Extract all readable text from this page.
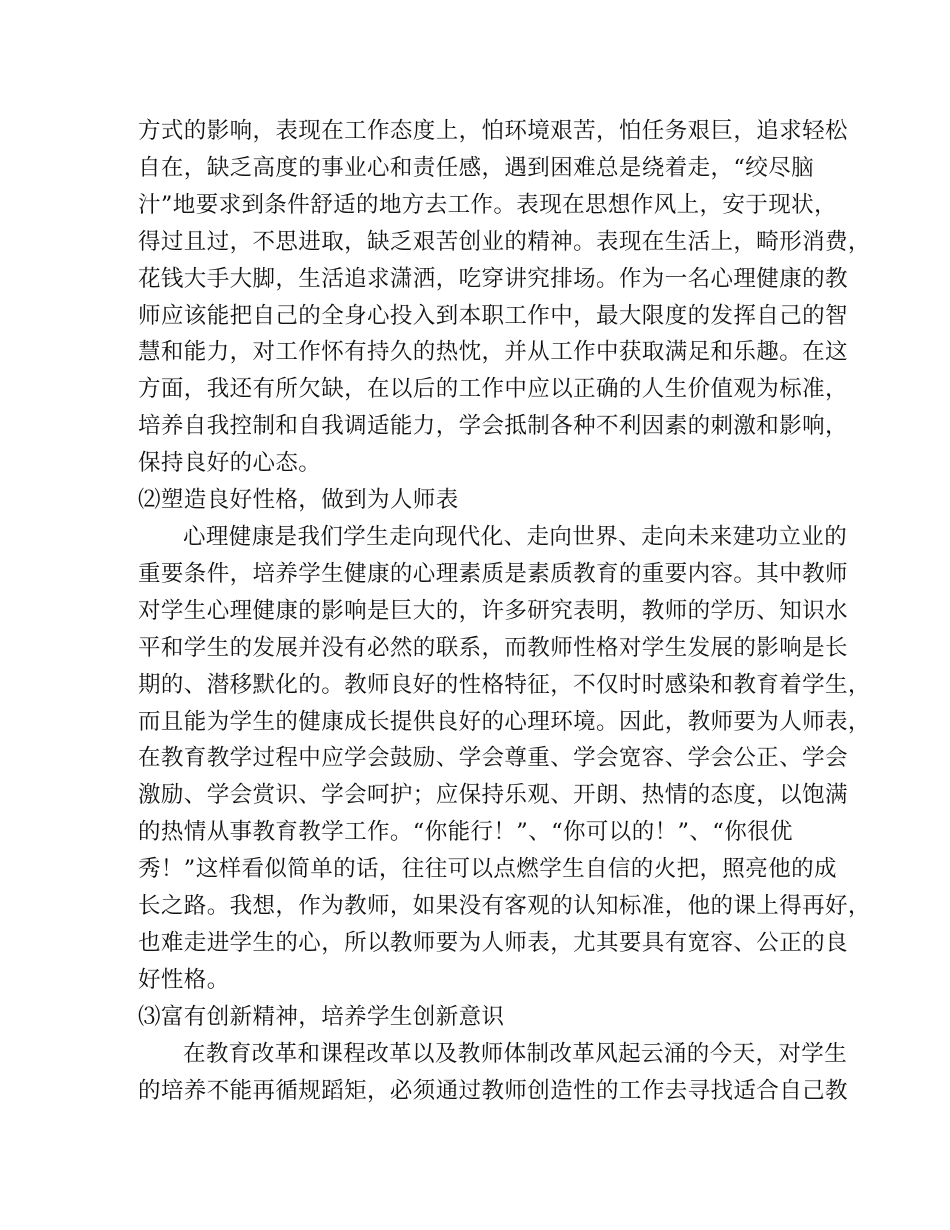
方式的影响，表现在工作态度上，怕环境艰苦，怕任务艰巨，追求轻松
自在，缺乏高度的事业心和责任感，遇到困难总是绕着走，“绞尽脑
汁”地要求到条件舒适的地方去工作。表现在思想作风上，安于现状，
得过且过，不思进取，缺乏艰苦创业的精神。表现在生活上，畸形消费，
花钱大手大脚，生活追求潇洒，吃穿讲究排场。作为一名心理健康的教
师应该能把自己的全身心投入到本职工作中，最大限度的发挥自己的智
慧和能力，对工作怀有持久的热忱，并从工作中获取满足和乐趣。在这
方面，我还有所欠缺，在以后的工作中应以正确的人生价值观为标准，
培养自我控制和自我调适能力，学会抵制各种不利因素的刺激和影响，
保持良好的心态。

⑵塑造良好性格，做到为人师表

心理健康是我们学生走向现代化、走向世界、走向未来建功立业的
重要条件，培养学生健康的心理素质是素质教育的重要内容。其中教师
对学生心理健康的影响是巨大的，许多研究表明，教师的学历、知识水
平和学生的发展并没有必然的联系，而教师性格对学生发展的影响是长
期的、潜移默化的。教师良好的性格特征，不仅时时感染和教育着学生，
而且能为学生的健康成长提供良好的心理环境。因此，教师要为人师表，
在教育教学过程中应学会鼓励、学会尊重、学会宽容、学会公正、学会
激励、学会赏识、学会呵护；应保持乐观、开朗、热情的态度，以饱满
的热情从事教育教学工作。“你能行！”、“你可以的！”、“你很优
秀！”这样看似简单的话，往往可以点燃学生自信的火把，照亮他的成
长之路。我想，作为教师，如果没有客观的认知标准，他的课上得再好，
也难走进学生的心，所以教师要为人师表，尤其要具有宽容、公正的良
好性格。

⑶富有创新精神，培养学生创新意识

在教育改革和课程改革以及教师体制改革风起云涌的今天，对学生
的培养不能再循规蹈矩，必须通过教师创造性的工作去寻找适合自己教
